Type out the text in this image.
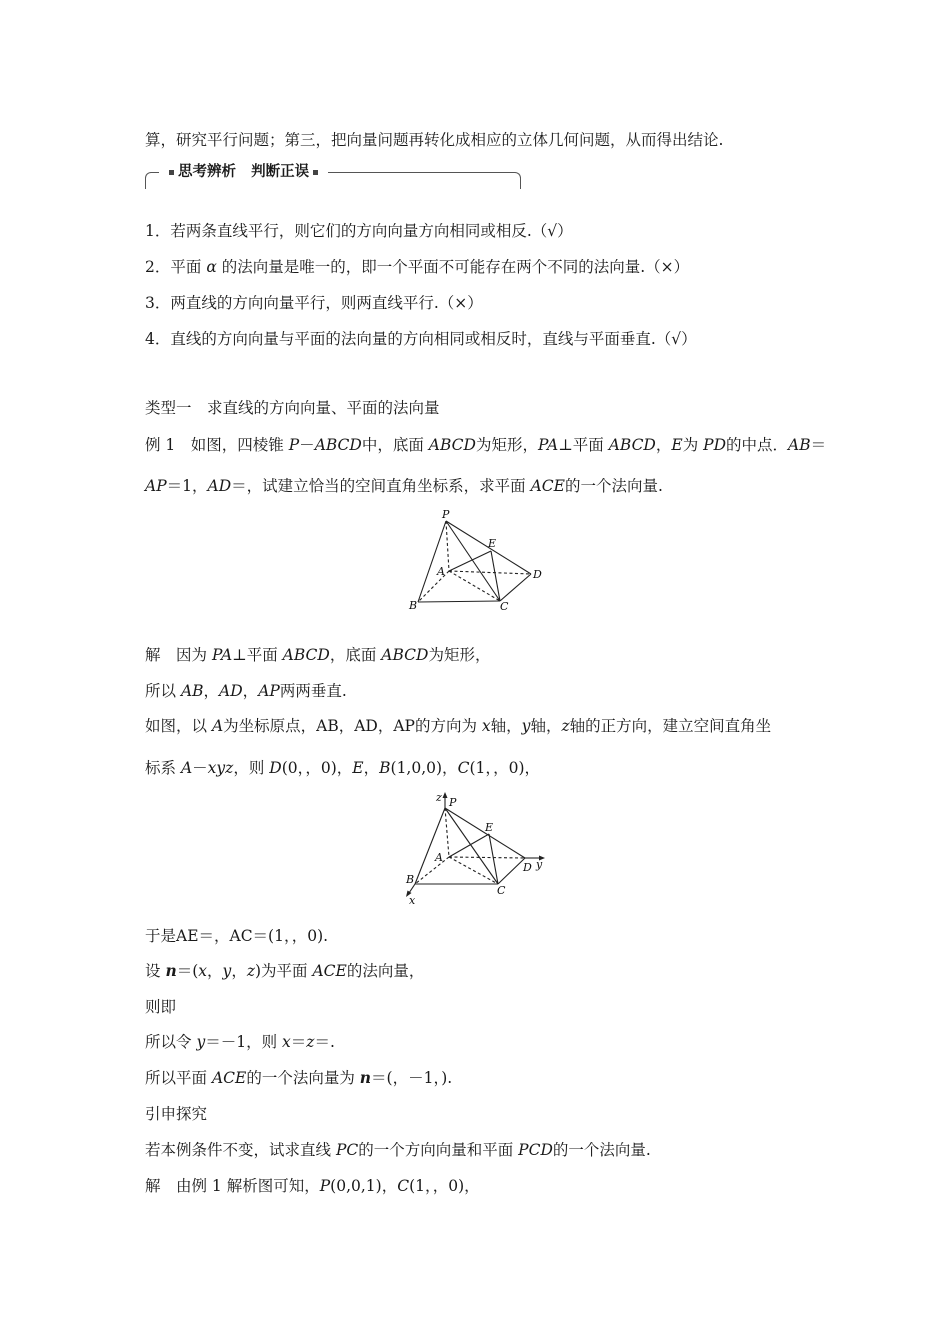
算，研究平行问题；第三，把向量问题再转化成相应的立体几何问题，从而得出结论.
思考辨析 判断正误
1．若两条直线平行，则它们的方向向量方向相同或相反.（√）
2．平面 α 的法向量是唯一的，即一个平面不可能存在两个不同的法向量.（×）
3．两直线的方向向量平行，则两直线平行.（×）
4．直线的方向向量与平面的法向量的方向相同或相反时，直线与平面垂直.（√）
类型一　求直线的方向向量、平面的法向量
例 1　如图，四棱锥 P－ABCD中，底面 ABCD为矩形，PA⊥平面 ABCD，E为 PD的中点．AB＝
AP＝1，AD＝，试建立恰当的空间直角坐标系，求平面 ACE的一个法向量.
P
E
A	D
B	C
解　因为 PA⊥平面 ABCD，底面 ABCD为矩形，
所以 AB，AD，AP两两垂直.
如图，以 A为坐标原点，AB，AD，AP的方向为 x轴，y轴，z轴的正方向，建立空间直角坐
标系 A－xyz，则 D(0，，0)，E，B(1,0,0)，C(1，，0)，
z P
E
A
D y
B
C
x
于是AE＝，AC＝(1，，0).
设 n＝(x，y，z)为平面 ACE的法向量，
则即
所以令 y＝－1，则 x＝z＝.
所以平面 ACE的一个法向量为 n＝(，－1，).
引申探究
若本例条件不变，试求直线 PC的一个方向向量和平面 PCD的一个法向量.
解　由例 1 解析图可知，P(0,0,1)，C(1，，0)，
